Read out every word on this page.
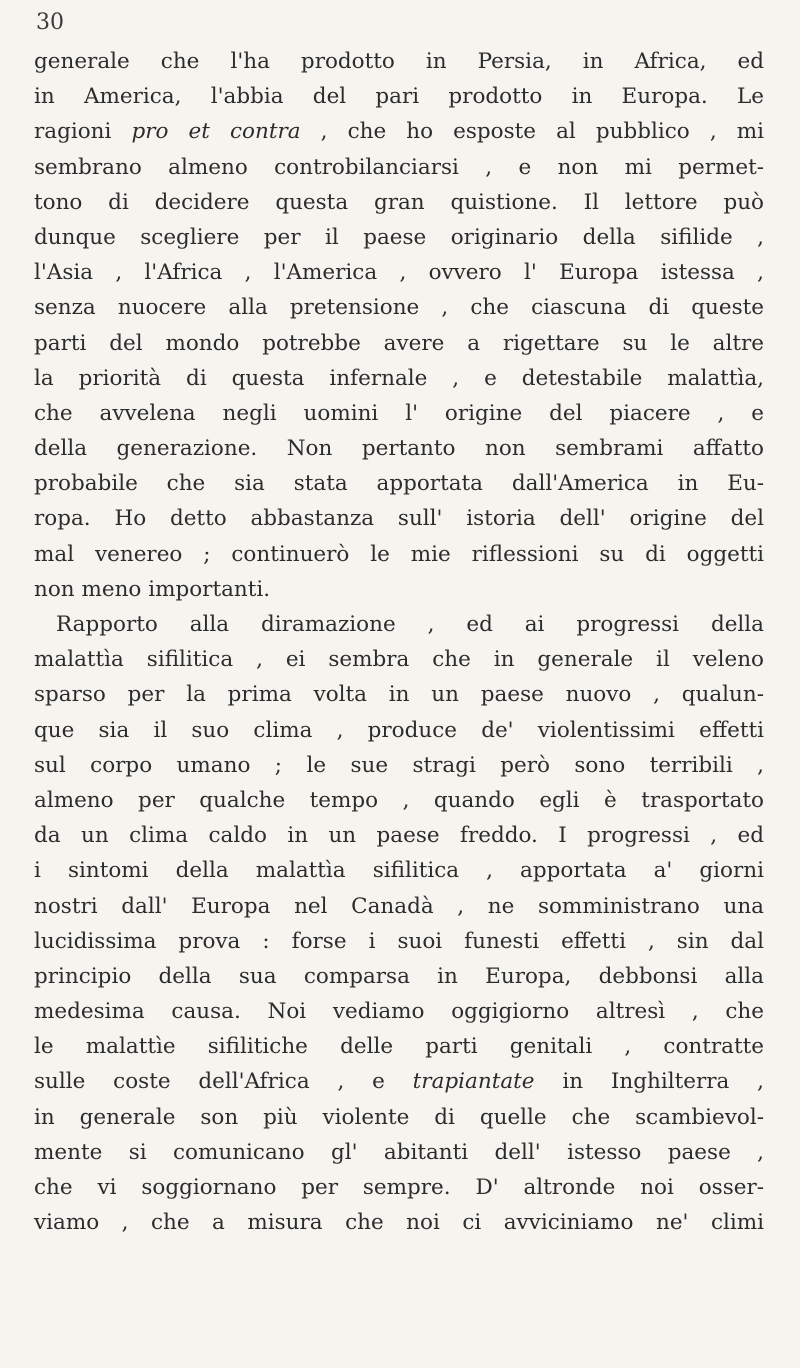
30
generale che l'ha prodotto in Persia, in Africa, ed
in America, l'abbia del pari prodotto in Europa. Le
ragioni pro et contra , che ho esposte al pubblico , mi
sembrano almeno controbilanciarsi , e non mi permet-
tono di decidere questa gran quistione. Il lettore può
dunque scegliere per il paese originario della sifilide ,
l'Asia , l'Africa , l'America , ovvero l' Europa istessa ,
senza nuocere alla pretensione , che ciascuna di queste
parti del mondo potrebbe avere a rigettare su le altre
la priorità di questa infernale , e detestabile malattìa,
che avvelena negli uomini l' origine del piacere , e
della generazione. Non pertanto non sembrami affatto
probabile che sia stata apportata dall'America in Eu-
ropa. Ho detto abbastanza sull' istoria dell' origine del
mal venereo ; continuerò le mie riflessioni su di oggetti
non meno importanti.
Rapporto alla diramazione , ed ai progressi della
malattìa sifilitica , ei sembra che in generale il veleno
sparso per la prima volta in un paese nuovo , qualun-
que sia il suo clima , produce de' violentissimi effetti
sul corpo umano ; le sue stragi però sono terribili ,
almeno per qualche tempo , quando egli è trasportato
da un clima caldo in un paese freddo. I progressi , ed
i sintomi della malattìa sifilitica , apportata a' giorni
nostri dall' Europa nel Canadà , ne somministrano una
lucidissima prova : forse i suoi funesti effetti , sin dal
principio della sua comparsa in Europa, debbonsi alla
medesima causa. Noi vediamo oggigiorno altresì , che
le malattìe sifilitiche delle parti genitali , contratte
sulle coste dell'Africa , e trapiantate in Inghilterra ,
in generale son più violente di quelle che scambievol-
mente si comunicano gl' abitanti dell' istesso paese ,
che vi soggiornano per sempre. D' altronde noi osser-
viamo , che a misura che noi ci avviciniamo ne' climi
